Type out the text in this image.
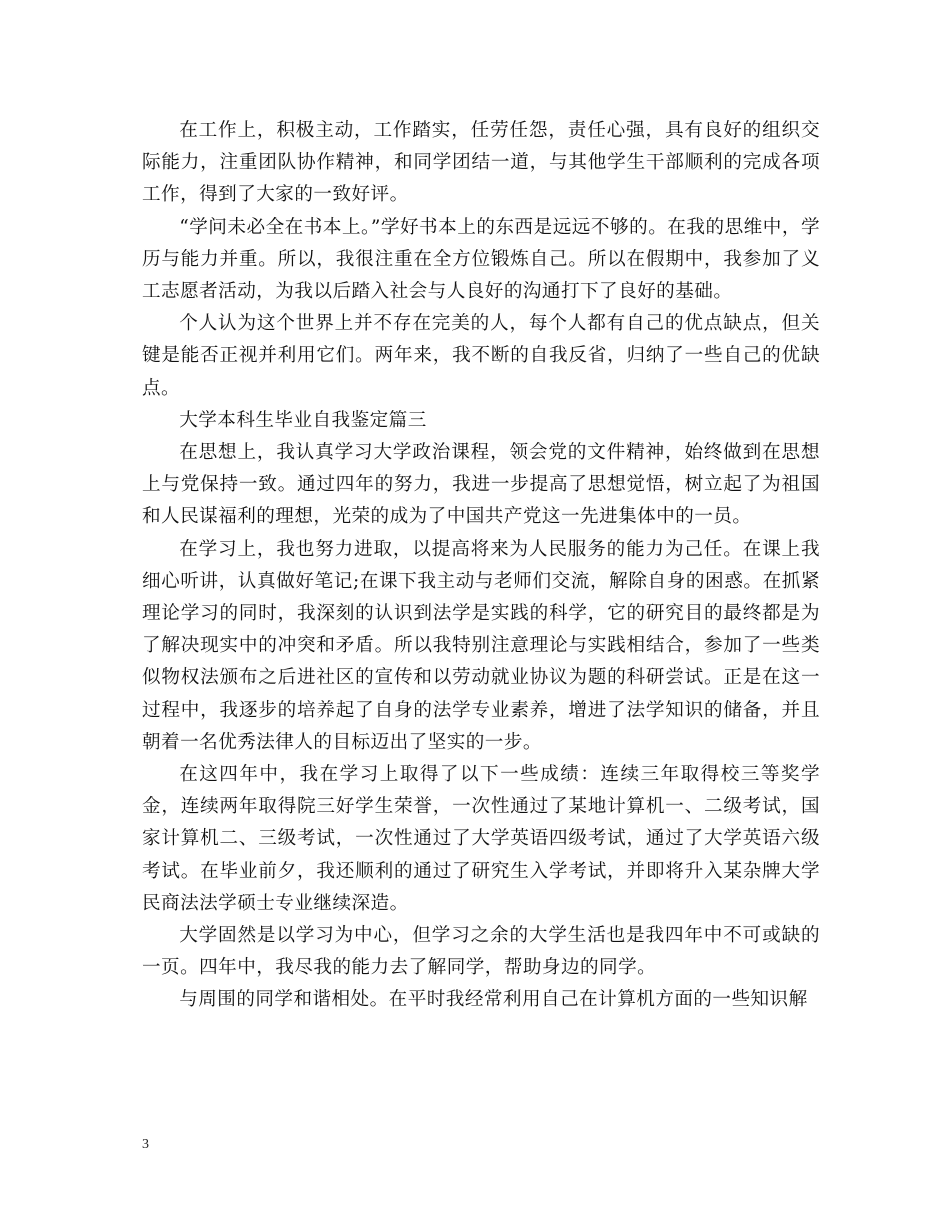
在工作上，积极主动，工作踏实，任劳任怨，责任心强，具有良好的组织交际能力，注重团队协作精神，和同学团结一道，与其他学生干部顺利的完成各项工作，得到了大家的一致好评。

“学问未必全在书本上。”学好书本上的东西是远远不够的。在我的思维中，学历与能力并重。所以，我很注重在全方位锻炼自己。所以在假期中，我参加了义工志愿者活动，为我以后踏入社会与人良好的沟通打下了良好的基础。

个人认为这个世界上并不存在完美的人，每个人都有自己的优点缺点，但关键是能否正视并利用它们。两年来，我不断的自我反省，归纳了一些自己的优缺点。

大学本科生毕业自我鉴定篇三

在思想上，我认真学习大学政治课程，领会党的文件精神，始终做到在思想上与党保持一致。通过四年的努力，我进一步提高了思想觉悟，树立起了为祖国和人民谋福利的理想，光荣的成为了中国共产党这一先进集体中的一员。

在学习上，我也努力进取，以提高将来为人民服务的能力为己任。在课上我细心听讲，认真做好笔记;在课下我主动与老师们交流，解除自身的困惑。在抓紧理论学习的同时，我深刻的认识到法学是实践的科学，它的研究目的最终都是为了解决现实中的冲突和矛盾。所以我特别注意理论与实践相结合，参加了一些类似物权法颁布之后进社区的宣传和以劳动就业协议为题的科研尝试。正是在这一过程中，我逐步的培养起了自身的法学专业素养，增进了法学知识的储备，并且朝着一名优秀法律人的目标迈出了坚实的一步。

在这四年中，我在学习上取得了以下一些成绩：连续三年取得校三等奖学金，连续两年取得院三好学生荣誉，一次性通过了某地计算机一、二级考试，国家计算机二、三级考试，一次性通过了大学英语四级考试，通过了大学英语六级考试。在毕业前夕，我还顺利的通过了研究生入学考试，并即将升入某杂牌大学民商法法学硕士专业继续深造。

大学固然是以学习为中心，但学习之余的大学生活也是我四年中不可或缺的一页。四年中，我尽我的能力去了解同学，帮助身边的同学。

与周围的同学和谐相处。在平时我经常利用自己在计算机方面的一些知识解

3
